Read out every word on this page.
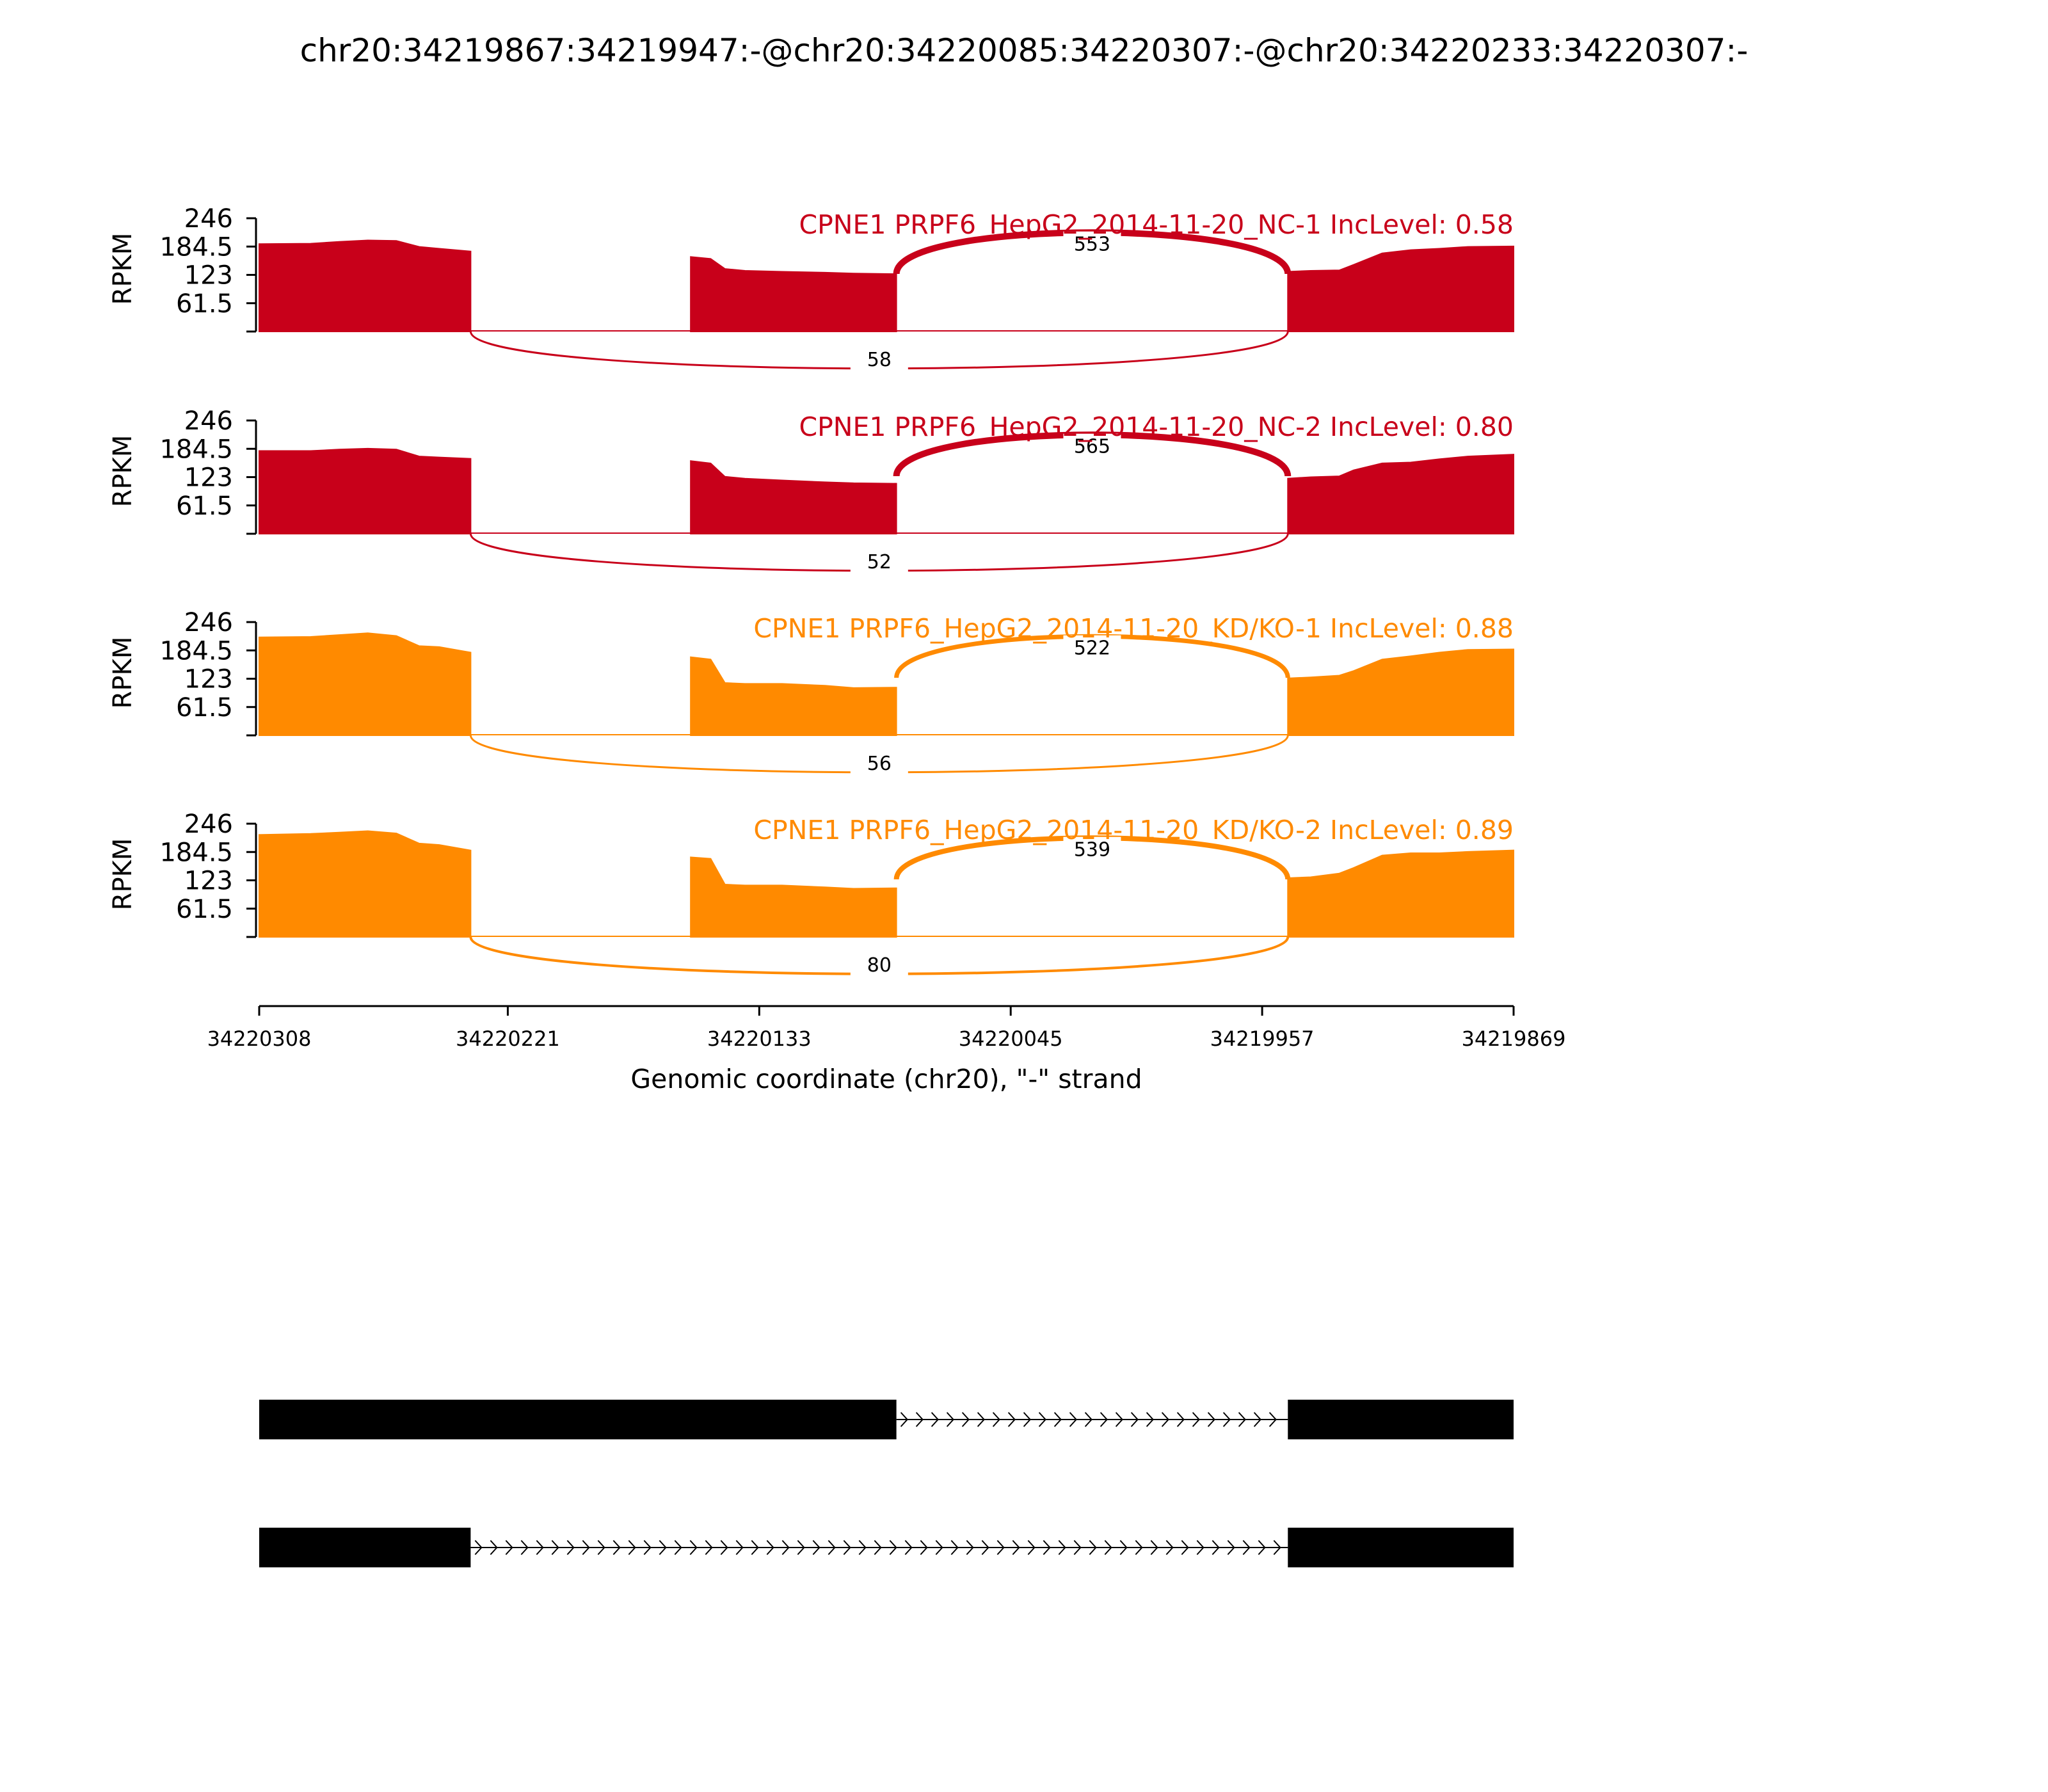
chr20:34219867:34219947:-@chr20:34220085:34220307:-@chr20:34220233:34220307:-
61.5
123
184.5
246
RPKM	553
58
CPNE1 PRPF6_HepG2_2014-11-20_NC-1 IncLevel: 0.58
61.5
123
184.5
246
RPKM	565
52
CPNE1 PRPF6_HepG2_2014-11-20_NC-2 IncLevel: 0.80
61.5
123
184.5
246
RPKM	522
56
CPNE1 PRPF6_HepG2_2014-11-20_KD/KO-1 IncLevel: 0.88
61.5
123
184.5
246
RPKM	539
80
CPNE1 PRPF6_HepG2_2014-11-20_KD/KO-2 IncLevel: 0.89
34220308	34220221	34220133	34220045	34219957	34219869
Genomic coordinate (chr20), "-" strand
